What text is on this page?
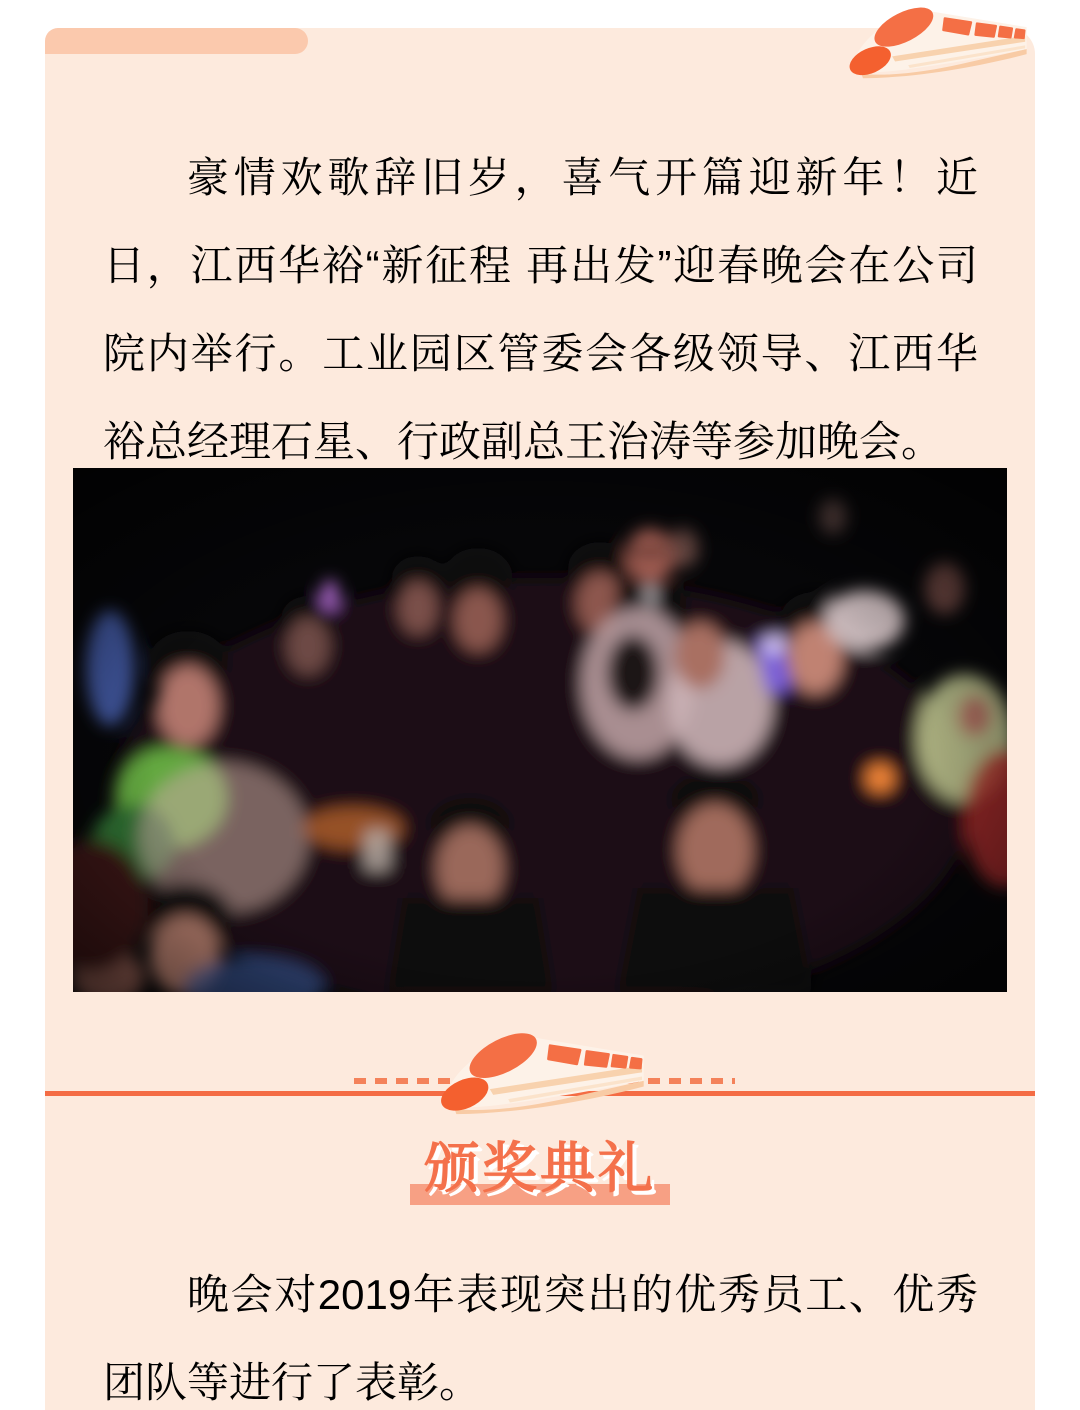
豪情欢歌辞旧岁，喜气开篇迎新年！近日，江西华裕“新征程 再出发”迎春晚会在公司院内举行。工业园区管委会各级领导、江西华裕总经理石星、行政副总王治涛等参加晚会。

颁奖典礼

晚会对2019年表现突出的优秀员工、优秀团队等进行了表彰。
